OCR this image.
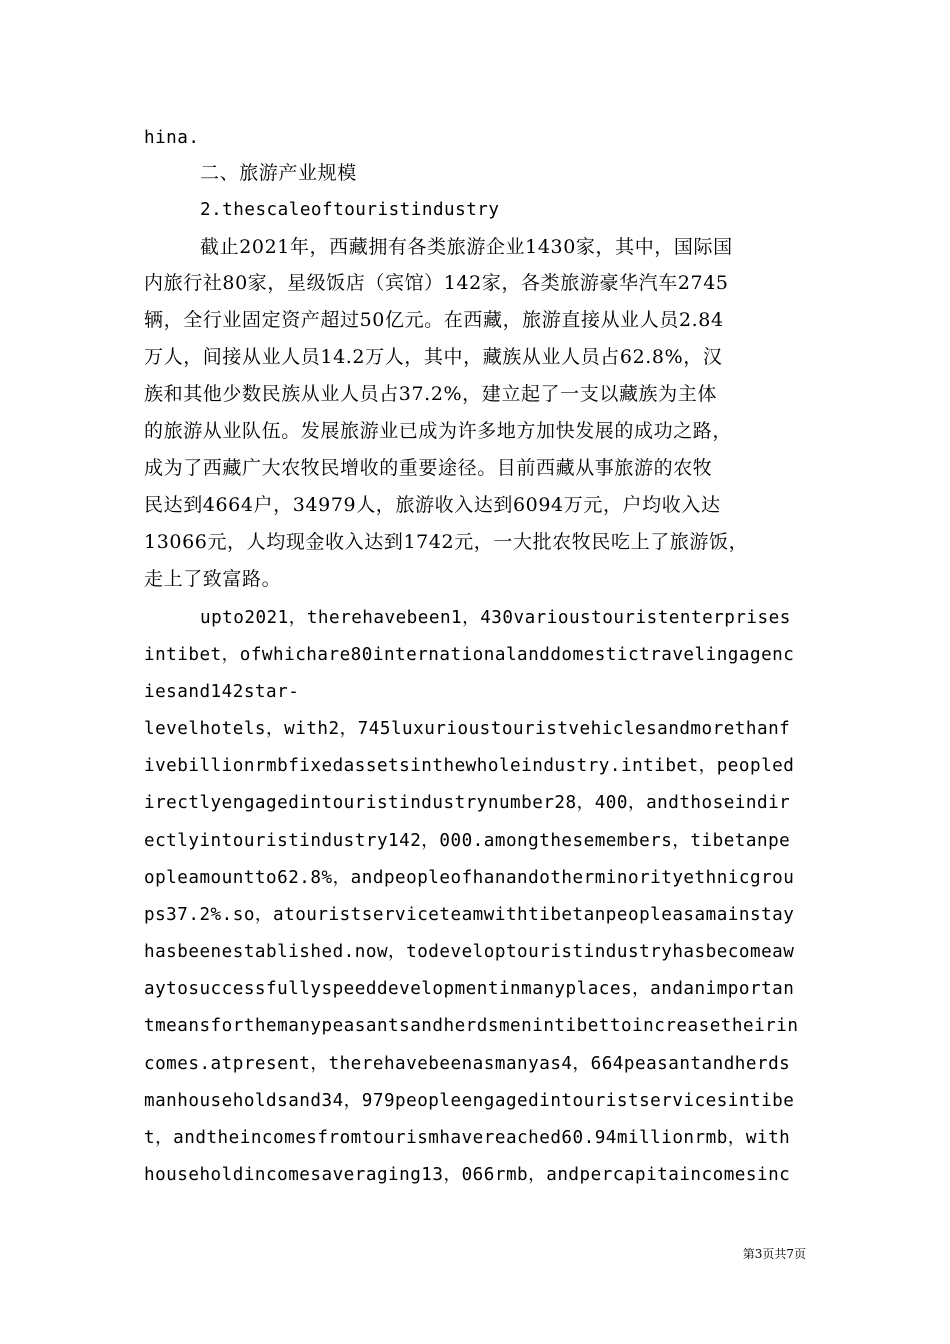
hina.
二、旅游产业规模
2.thescaleoftouristindustry
截止2021年，西藏拥有各类旅游企业1430家，其中，国际国
内旅行社80家，星级饭店（宾馆）142家，各类旅游豪华汽车2745
辆，全行业固定资产超过50亿元。在西藏，旅游直接从业人员2.84
万人，间接从业人员14.2万人，其中，藏族从业人员占62.8%，汉
族和其他少数民族从业人员占37.2%，建立起了一支以藏族为主体
的旅游从业队伍。发展旅游业已成为许多地方加快发展的成功之路，
成为了西藏广大农牧民增收的重要途径。目前西藏从事旅游的农牧
民达到4664户，34979人，旅游收入达到6094万元，户均收入达
13066元，人均现金收入达到1742元，一大批农牧民吃上了旅游饭，
走上了致富路。
upto2021，therehavebeen1，430varioustouristenterprises
intibet，ofwhichare80internationalanddomestictravelingagenc
iesand142star-
levelhotels，with2，745luxurioustouristvehiclesandmorethanf
ivebillionrmbfixedassetsinthewholeindustry.intibet，peopled
irectlyengagedintouristindustrynumber28，400，andthoseindir
ectlyintouristindustry142，000.amongthesemembers，tibetanpe
opleamountto62.8%，andpeopleofhanandotherminorityethnicgrou
ps37.2%.so，atouristserviceteamwithtibetanpeopleasamainstay
hasbeenestablished.now，todeveloptouristindustryhasbecomeaw
aytosuccessfullyspeeddevelopmentinmanyplaces，andanimportan
tmeansforthemanypeasantsandherdsmenintibettoincreasetheirin
comes.atpresent，therehavebeenasmanyas4，664peasantandherds
manhouseholdsand34，979peopleengagedintouristservicesintibe
t，andtheincomesfromtourismhavereached60.94millionrmb，with
householdincomesaveraging13，066rmb，andpercapitaincomesinc
第3页共7页
